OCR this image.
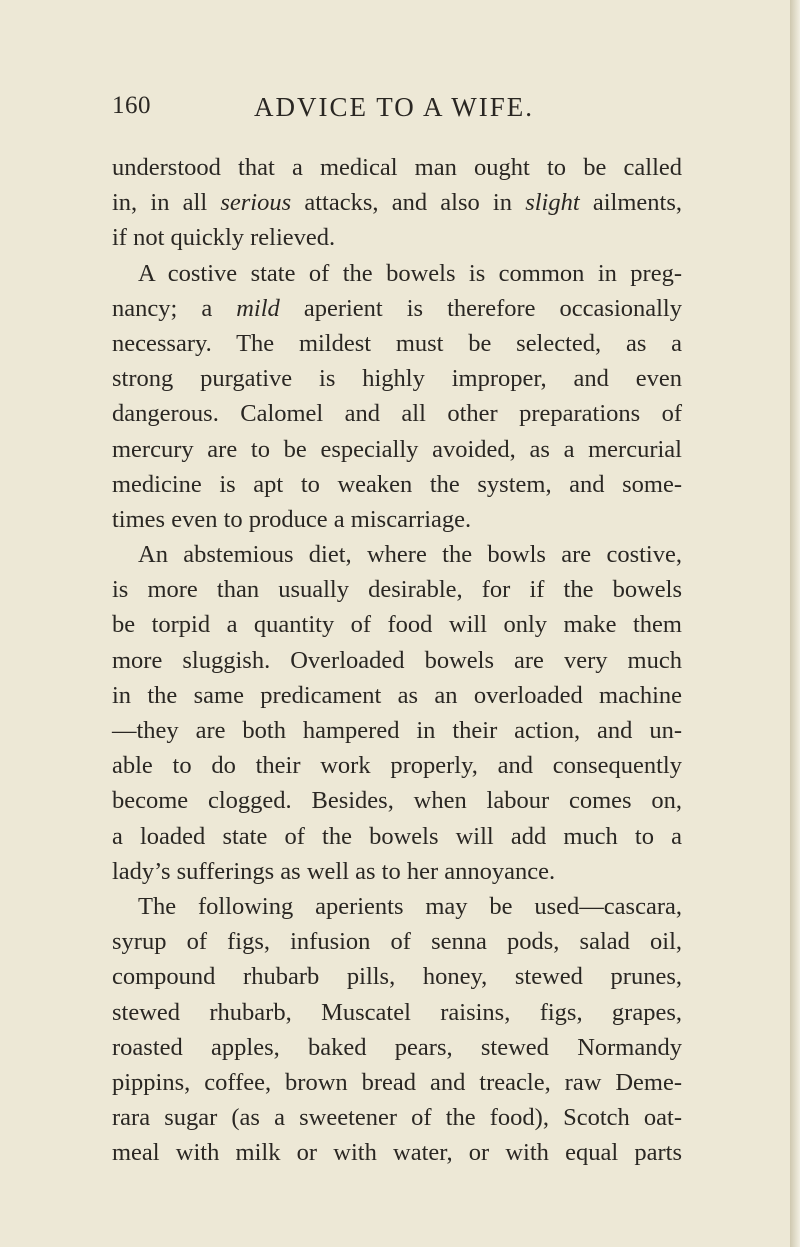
160	ADVICE TO A WIFE.
understood that a medical man ought to be called
in, in all serious attacks, and also in slight ailments,
if not quickly relieved.
A costive state of the bowels is common in preg-
nancy; a mild aperient is therefore occasionally
necessary. The mildest must be selected, as a
strong purgative is highly improper, and even
dangerous. Calomel and all other preparations of
mercury are to be especially avoided, as a mercurial
medicine is apt to weaken the system, and some-
times even to produce a miscarriage.
An abstemious diet, where the bowls are costive,
is more than usually desirable, for if the bowels
be torpid a quantity of food will only make them
more sluggish. Overloaded bowels are very much
in the same predicament as an overloaded machine
—they are both hampered in their action, and un-
able to do their work properly, and consequently
become clogged. Besides, when labour comes on,
a loaded state of the bowels will add much to a
lady’s sufferings as well as to her annoyance.
The following aperients may be used—cascara,
syrup of figs, infusion of senna pods, salad oil,
compound rhubarb pills, honey, stewed prunes,
stewed rhubarb, Muscatel raisins, figs, grapes,
roasted apples, baked pears, stewed Normandy
pippins, coffee, brown bread and treacle, raw Deme-
rara sugar (as a sweetener of the food), Scotch oat-
meal with milk or with water, or with equal parts
